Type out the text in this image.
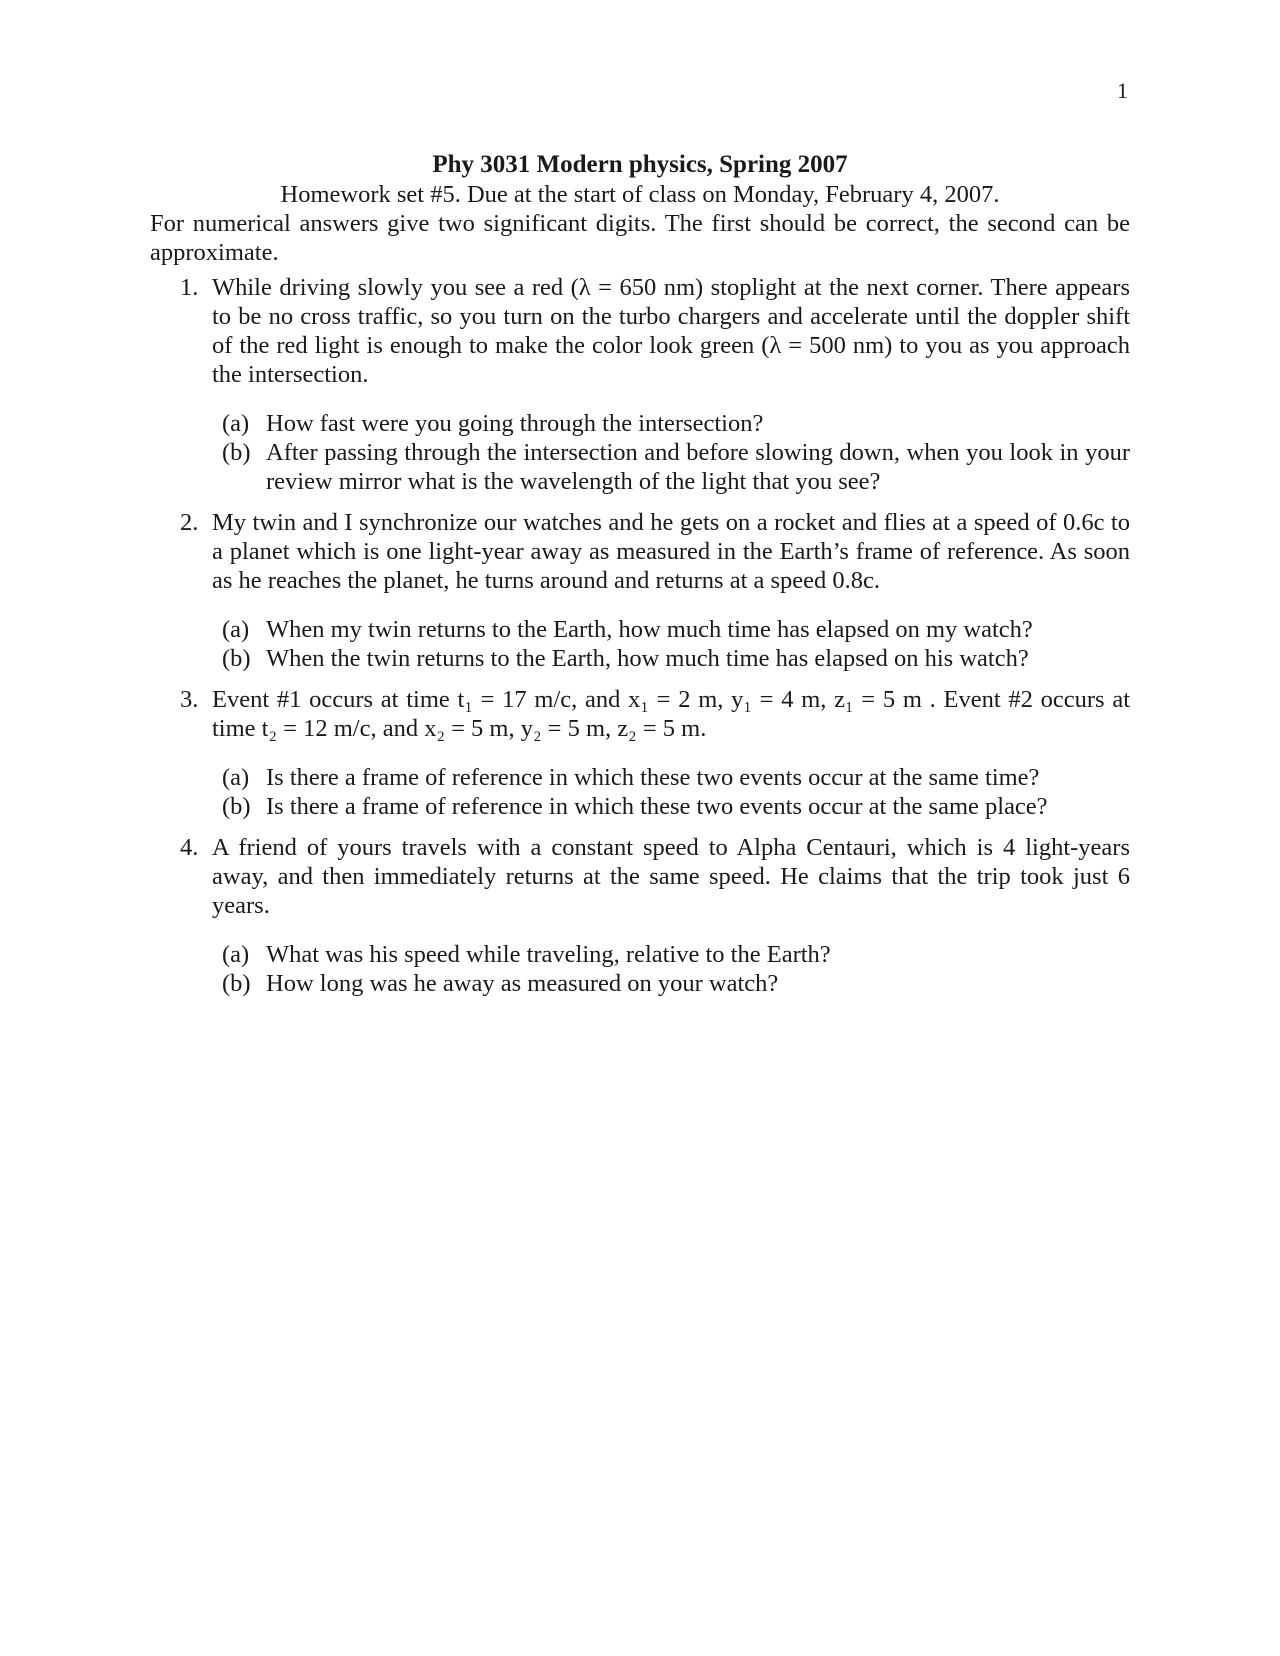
1
Phy 3031 Modern physics, Spring 2007

Homework set #5. Due at the start of class on Monday, February 4, 2007.

For numerical answers give two significant digits. The first should be correct, the second can be approximate.

1. While driving slowly you see a red (λ = 650 nm) stoplight at the next corner. There appears to be no cross traffic, so you turn on the turbo chargers and accelerate until the doppler shift of the red light is enough to make the color look green (λ = 500 nm) to you as you approach the intersection.

(a) How fast were you going through the intersection?
(b) After passing through the intersection and before slowing down, when you look in your review mirror what is the wavelength of the light that you see?
2. My twin and I synchronize our watches and he gets on a rocket and flies at a speed of 0.6c to a planet which is one light-year away as measured in the Earth’s frame of reference. As soon as he reaches the planet, he turns around and returns at a speed 0.8c.

(a) When my twin returns to the Earth, how much time has elapsed on my watch?
(b) When the twin returns to the Earth, how much time has elapsed on his watch?
3. Event #1 occurs at time t₁ = 17 m/c, and x₁ = 2 m, y₁ = 4 m, z₁ = 5 m . Event #2 occurs at time t₂ = 12 m/c, and x₂ = 5 m, y₂ = 5 m, z₂ = 5 m.

(a) Is there a frame of reference in which these two events occur at the same time?
(b) Is there a frame of reference in which these two events occur at the same place?
4. A friend of yours travels with a constant speed to Alpha Centauri, which is 4 light-years away, and then immediately returns at the same speed. He claims that the trip took just 6 years.

(a) What was his speed while traveling, relative to the Earth?
(b) How long was he away as measured on your watch?
